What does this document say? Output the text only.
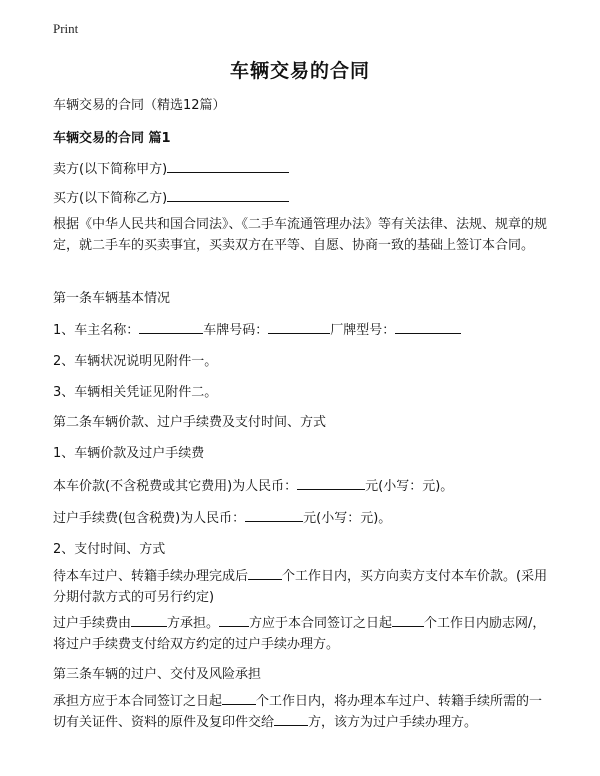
Print
车辆交易的合同
车辆交易的合同（精选12篇）
车辆交易的合同 篇1
卖方(以下简称甲方)
买方(以下简称乙方)
根据《中华人民共和国合同法》、《二手车流通管理办法》等有关法律、法规、规章的规定，就二手车的买卖事宜，买卖双方在平等、自愿、协商一致的基础上签订本合同。
第一条车辆基本情况
1、车主名称：	车牌号码：	厂牌型号：
2、车辆状况说明见附件一。
3、车辆相关凭证见附件二。
第二条车辆价款、过户手续费及支付时间、方式
1、车辆价款及过户手续费
本车价款(不含税费或其它费用)为人民币：	元(小写：元)。
过户手续费(包含税费)为人民币：	元(小写：元)。
2、支付时间、方式
待本车过户、转籍手续办理完成后	个工作日内，买方向卖方支付本车价款。(采用分期付款方式的可另行约定)
过户手续费由	方承担。 方应于本合同签订之日起 个工作日内励志网/，将过户手续费支付给双方约定的过户手续办理方。
第三条车辆的过户、交付及风险承担
承担方应于本合同签订之日起	个工作日内，将办理本车过户、转籍手续所需的一切有关证件、资料的原件及复印件交给	方，该方为过户手续办理方。
